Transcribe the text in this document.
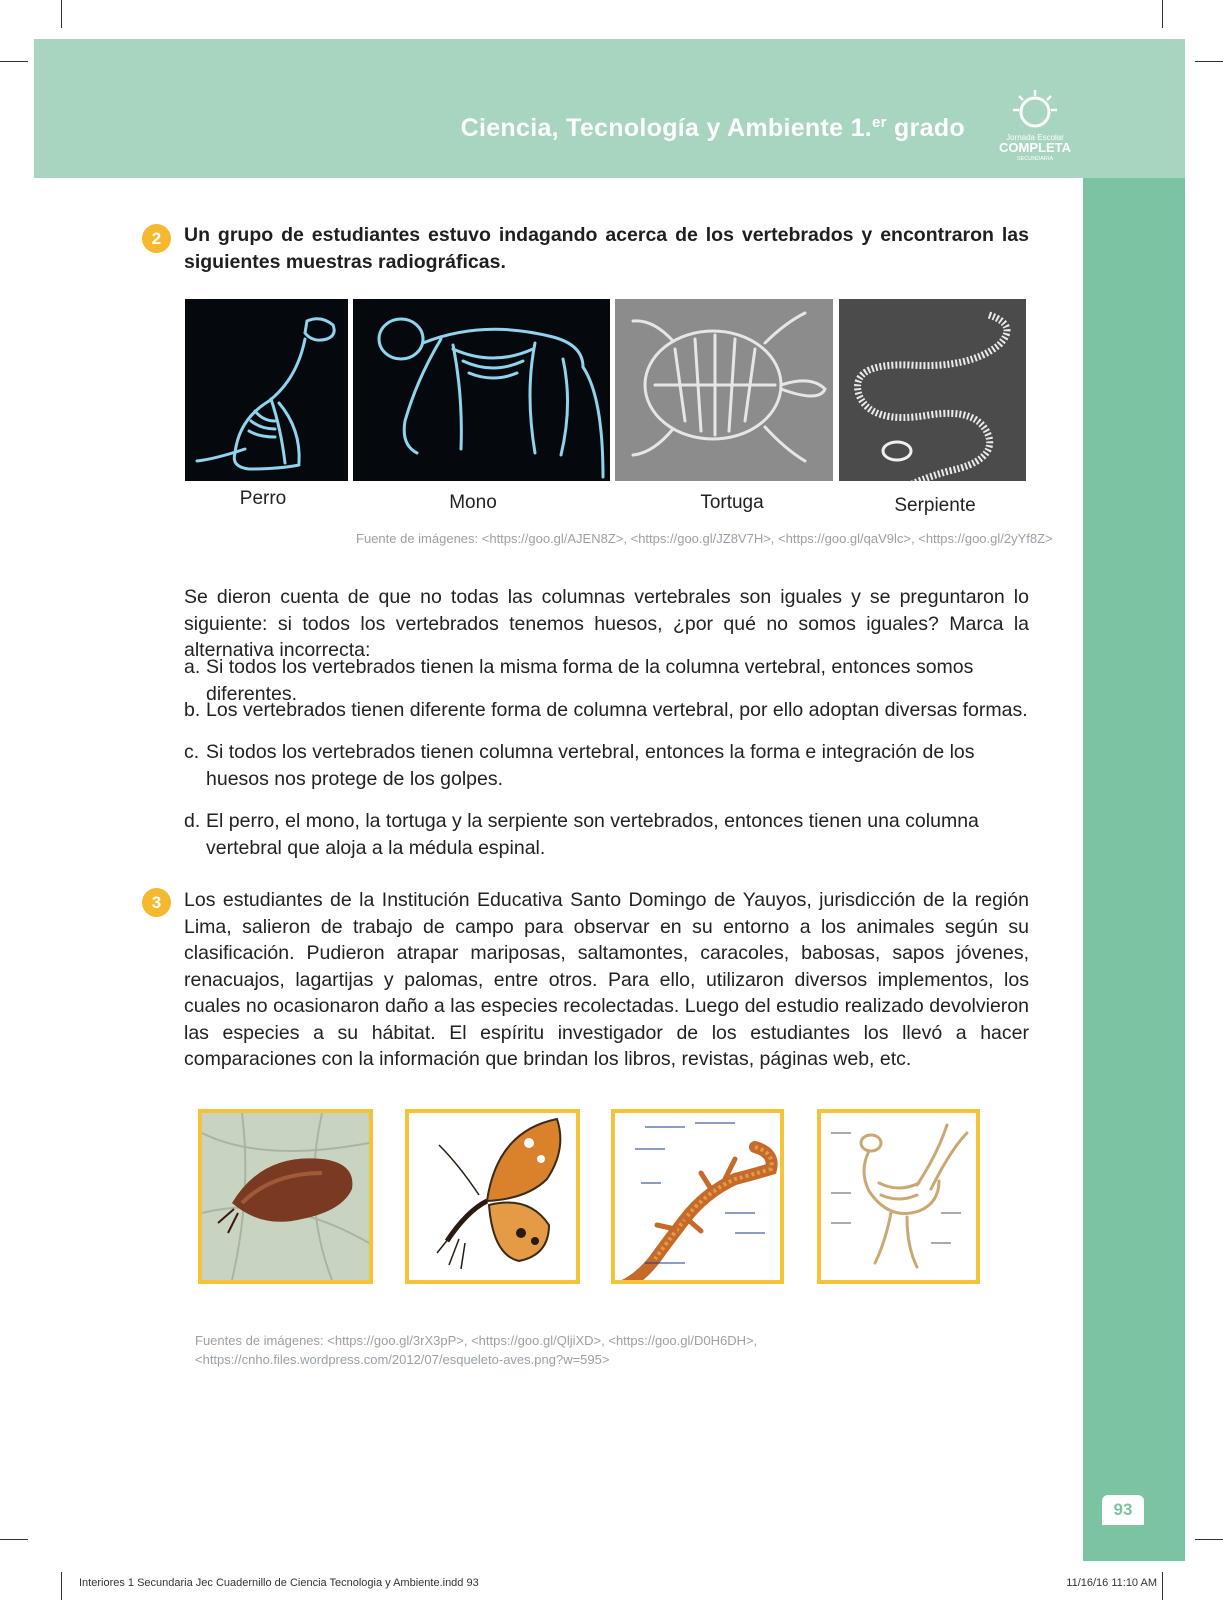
Ciencia, Tecnología y Ambiente 1.$^{er}$ grado	Jornada Escolar
COMPLETA
SECUNDARIA
93
2	Un grupo de estudiantes estuvo indagando acerca de los vertebrados y encontraron las siguientes muestras radiográficas.
Perro	Mono	Tortuga	Serpiente
Fuente de imágenes: <https://goo.gl/AJEN8Z>, <https://goo.gl/JZ8V7H>, <https://goo.gl/qaV9lc>, <https://goo.gl/2yYf8Z>
Se dieron cuenta de que no todas las columnas vertebrales son iguales y se preguntaron lo siguiente: si todos los vertebrados tenemos huesos, ¿por qué no somos iguales? Marca la alternativa incorrecta:
a. Si todos los vertebrados tienen la misma forma de la columna vertebral, entonces somos diferentes.
b. Los vertebrados tienen diferente forma de columna vertebral, por ello adoptan diversas formas.
c. Si todos los vertebrados tienen columna vertebral, entonces la forma e integración de los huesos nos protege de los golpes.
d. El perro, el mono, la tortuga y la serpiente son vertebrados, entonces tienen una columna vertebral que aloja a la médula espinal.
3	Los estudiantes de la Institución Educativa Santo Domingo de Yauyos, jurisdicción de la región Lima, salieron de trabajo de campo para observar en su entorno a los animales según su clasificación. Pudieron atrapar mariposas, saltamontes, caracoles, babosas, sapos jóvenes, renacuajos, lagartijas y palomas, entre otros. Para ello, utilizaron diversos implementos, los cuales no ocasionaron daño a las especies recolectadas. Luego del estudio realizado devolvieron las especies a su hábitat. El espíritu investigador de los estudiantes los llevó a hacer comparaciones con la información que brindan los libros, revistas, páginas web, etc.
Fuentes de imágenes: <https://goo.gl/3rX3pP>, <https://goo.gl/QljiXD>, <https://goo.gl/D0H6DH>, <https://cnho.files.wordpress.com/2012/07/esqueleto-aves.png?w=595>
Interiores 1 Secundaria Jec Cuadernillo de Ciencia Tecnologia y Ambiente.indd 93	11/16/16 11:10 AM
